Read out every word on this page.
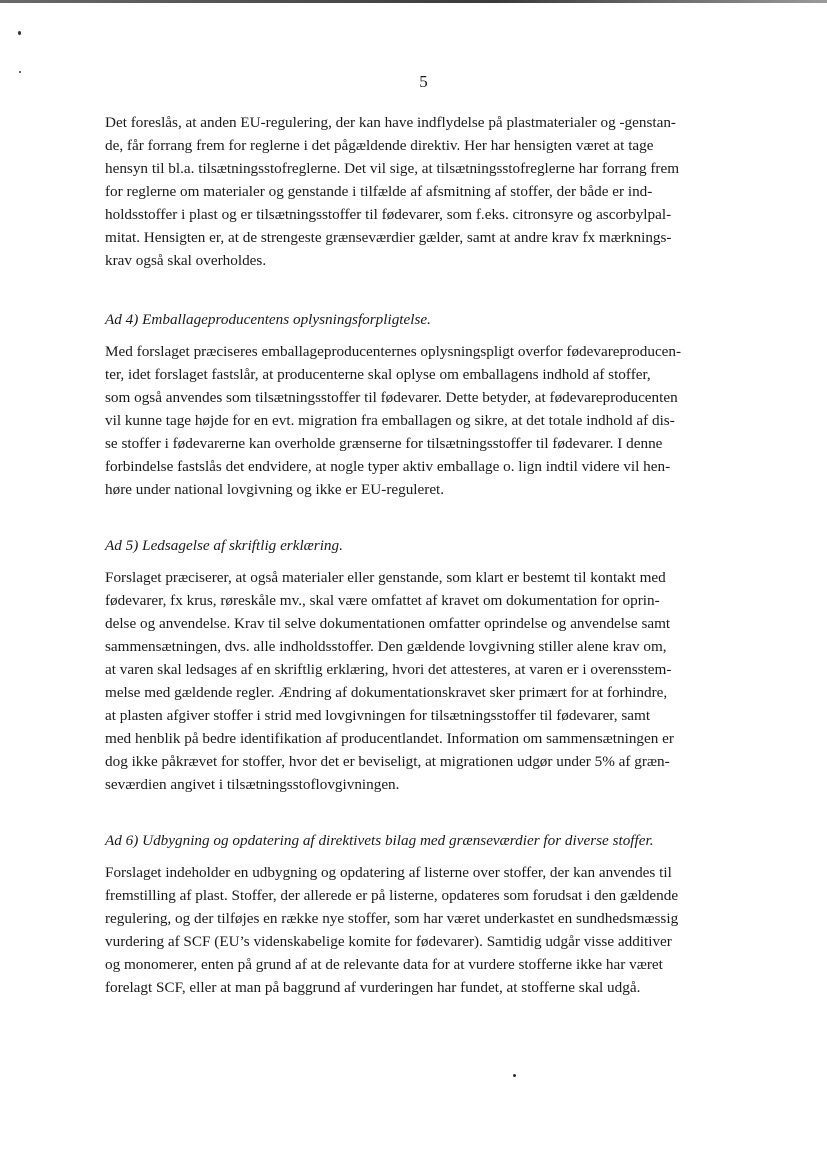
5

Det foreslås, at anden EU-regulering, der kan have indflydelse på plastmaterialer og -genstan-
de, får forrang frem for reglerne i det pågældende direktiv. Her har hensigten været at tage
hensyn til bl.a. tilsætningsstofreglerne. Det vil sige, at tilsætningsstofreglerne har forrang frem
for reglerne om materialer og genstande i tilfælde af afsmitning af stoffer, der både er ind-
holdsstoffer i plast og er tilsætningsstoffer til fødevarer, som f.eks. citronsyre og ascorbylpal-
mitat. Hensigten er, at de strengeste grænseværdier gælder, samt at andre krav fx mærknings-
krav også skal overholdes.

Ad 4) Emballageproducentens oplysningsforpligtelse.

Med forslaget præciseres emballageproducenternes oplysningspligt overfor fødevareproducen-
ter, idet forslaget fastslår, at producenterne skal oplyse om emballagens indhold af stoffer,
som også anvendes som tilsætningsstoffer til fødevarer. Dette betyder, at fødevareproducenten
vil kunne tage højde for en evt. migration fra emballagen og sikre, at det totale indhold af dis-
se stoffer i fødevarerne kan overholde grænserne for tilsætningsstoffer til fødevarer. I denne
forbindelse fastslås det endvidere, at nogle typer aktiv emballage o. lign indtil videre vil hen-
høre under national lovgivning og ikke er EU-reguleret.

Ad 5) Ledsagelse af skriftlig erklæring.

Forslaget præciserer, at også materialer eller genstande, som klart er bestemt til kontakt med
fødevarer, fx krus, røreskåle mv., skal være omfattet af kravet om dokumentation for oprin-
delse og anvendelse. Krav til selve dokumentationen omfatter oprindelse og anvendelse samt
sammensætningen, dvs. alle indholdsstoffer. Den gældende lovgivning stiller alene krav om,
at varen skal ledsages af en skriftlig erklæring, hvori det attesteres, at varen er i overensstem-
melse med gældende regler. Ændring af dokumentationskravet sker primært for at forhindre,
at plasten afgiver stoffer i strid med lovgivningen for tilsætningsstoffer til fødevarer, samt
med henblik på bedre identifikation af producentlandet. Information om sammensætningen er
dog ikke påkrævet for stoffer, hvor det er beviseligt, at migrationen udgør under 5% af græn-
seværdien angivet i tilsætningsstoflovgivningen.

Ad 6) Udbygning og opdatering af direktivets bilag med grænseværdier for diverse stoffer.

Forslaget indeholder en udbygning og opdatering af listerne over stoffer, der kan anvendes til
fremstilling af plast. Stoffer, der allerede er på listerne, opdateres som forudsat i den gældende
regulering, og der tilføjes en række nye stoffer, som har været underkastet en sundhedsmæssig
vurdering af SCF (EU’s videnskabelige komite for fødevarer). Samtidig udgår visse additiver
og monomerer, enten på grund af at de relevante data for at vurdere stofferne ikke har været
forelagt SCF, eller at man på baggrund af vurderingen har fundet, at stofferne skal udgå.
